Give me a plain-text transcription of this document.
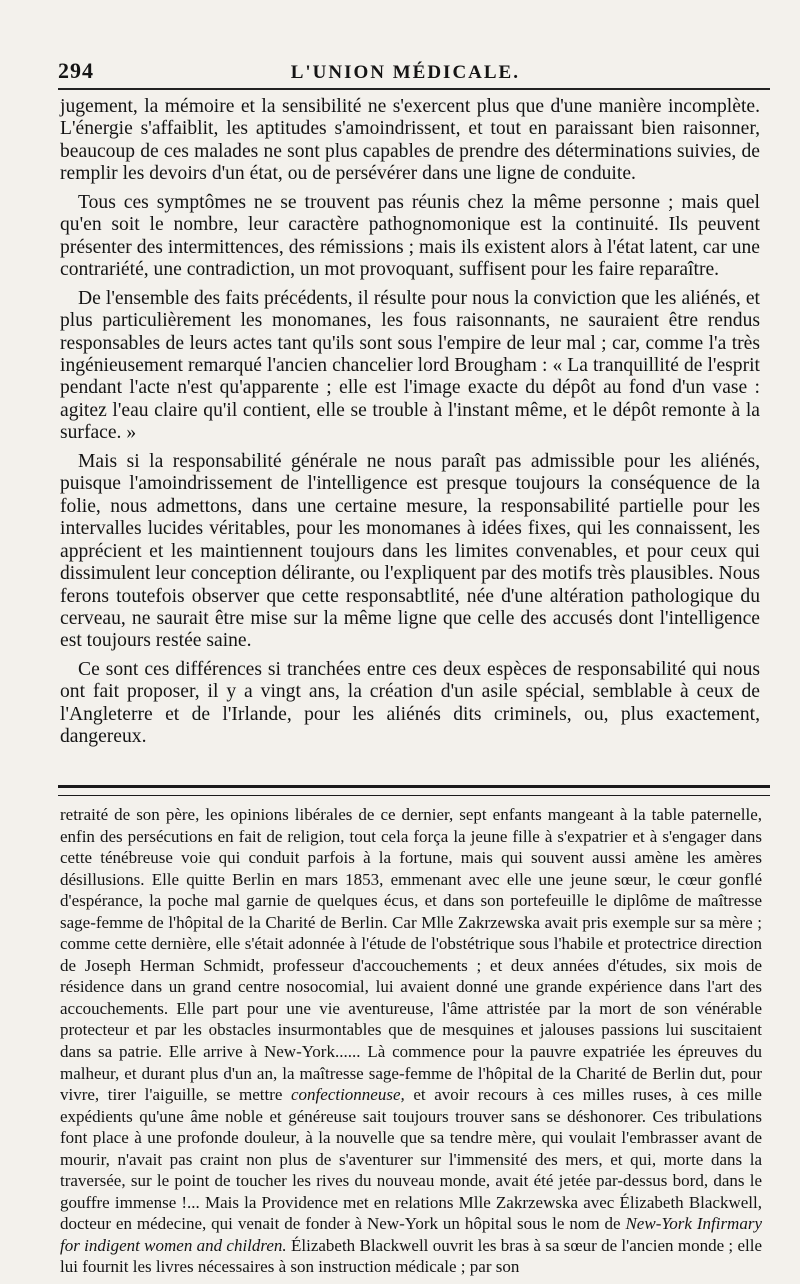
294	L'UNION MÉDICALE.

jugement, la mémoire et la sensibilité ne s'exercent plus que d'une manière incomplète. L'énergie s'affaiblit, les aptitudes s'amoindrissent, et tout en paraissant bien raisonner, beaucoup de ces malades ne sont plus capables de prendre des déterminations suivies, de remplir les devoirs d'un état, ou de persévérer dans une ligne de conduite.

Tous ces symptômes ne se trouvent pas réunis chez la même personne ; mais quel qu'en soit le nombre, leur caractère pathognomonique est la continuité. Ils peuvent présenter des intermittences, des rémissions ; mais ils existent alors à l'état latent, car une contrariété, une contradiction, un mot provoquant, suffisent pour les faire reparaître.

De l'ensemble des faits précédents, il résulte pour nous la conviction que les aliénés, et plus particulièrement les monomanes, les fous raisonnants, ne sauraient être rendus responsables de leurs actes tant qu'ils sont sous l'empire de leur mal ; car, comme l'a très ingénieusement remarqué l'ancien chancelier lord Brougham : « La tranquillité de l'esprit pendant l'acte n'est qu'apparente ; elle est l'image exacte du dépôt au fond d'un vase : agitez l'eau claire qu'il contient, elle se trouble à l'instant même, et le dépôt remonte à la surface. »

Mais si la responsabilité générale ne nous paraît pas admissible pour les aliénés, puisque l'amoindrissement de l'intelligence est presque toujours la conséquence de la folie, nous admettons, dans une certaine mesure, la responsabilité partielle pour les intervalles lucides véritables, pour les monomanes à idées fixes, qui les connaissent, les apprécient et les maintiennent toujours dans les limites convenables, et pour ceux qui dissimulent leur conception délirante, ou l'expliquent par des motifs très plausibles. Nous ferons toutefois observer que cette responsabtlité, née d'une altération pathologique du cerveau, ne saurait être mise sur la même ligne que celle des accusés dont l'intelligence est toujours restée saine.

Ce sont ces différences si tranchées entre ces deux espèces de responsabilité qui nous ont fait proposer, il y a vingt ans, la création d'un asile spécial, semblable à ceux de l'Angleterre et de l'Irlande, pour les aliénés dits criminels, ou, plus exactement, dangereux.

retraité de son père, les opinions libérales de ce dernier, sept enfants mangeant à la table paternelle, enfin des persécutions en fait de religion, tout cela força la jeune fille à s'expatrier et à s'engager dans cette ténébreuse voie qui conduit parfois à la fortune, mais qui souvent aussi amène les amères désillusions. Elle quitte Berlin en mars 1853, emmenant avec elle une jeune sœur, le cœur gonflé d'espérance, la poche mal garnie de quelques écus, et dans son portefeuille le diplôme de maîtresse sage-femme de l'hôpital de la Charité de Berlin. Car Mlle Zakrzewska avait pris exemple sur sa mère ; comme cette dernière, elle s'était adonnée à l'étude de l'obstétrique sous l'habile et protectrice direction de Joseph Herman Schmidt, professeur d'accouchements ; et deux années d'études, six mois de résidence dans un grand centre nosocomial, lui avaient donné une grande expérience dans l'art des accouchements. Elle part pour une vie aventureuse, l'âme attristée par la mort de son vénérable protecteur et par les obstacles insurmontables que de mesquines et jalouses passions lui suscitaient dans sa patrie. Elle arrive à New-York...... Là commence pour la pauvre expatriée les épreuves du malheur, et durant plus d'un an, la maîtresse sage-femme de l'hôpital de la Charité de Berlin dut, pour vivre, tirer l'aiguille, se mettre confectionneuse, et avoir recours à ces milles ruses, à ces mille expédients qu'une âme noble et généreuse sait toujours trouver sans se déshonorer. Ces tribulations font place à une profonde douleur, à la nouvelle que sa tendre mère, qui voulait l'embrasser avant de mourir, n'avait pas craint non plus de s'aventurer sur l'immensité des mers, et qui, morte dans la traversée, sur le point de toucher les rives du nouveau monde, avait été jetée par-dessus bord, dans le gouffre immense !... Mais la Providence met en relations Mlle Zakrzewska avec Élizabeth Blackwell, docteur en médecine, qui venait de fonder à New-York un hôpital sous le nom de New-York Infirmary for indigent women and children. Élizabeth Blackwell ouvrit les bras à sa sœur de l'ancien monde ; elle lui fournit les livres nécessaires à son instruction médicale ; par son
